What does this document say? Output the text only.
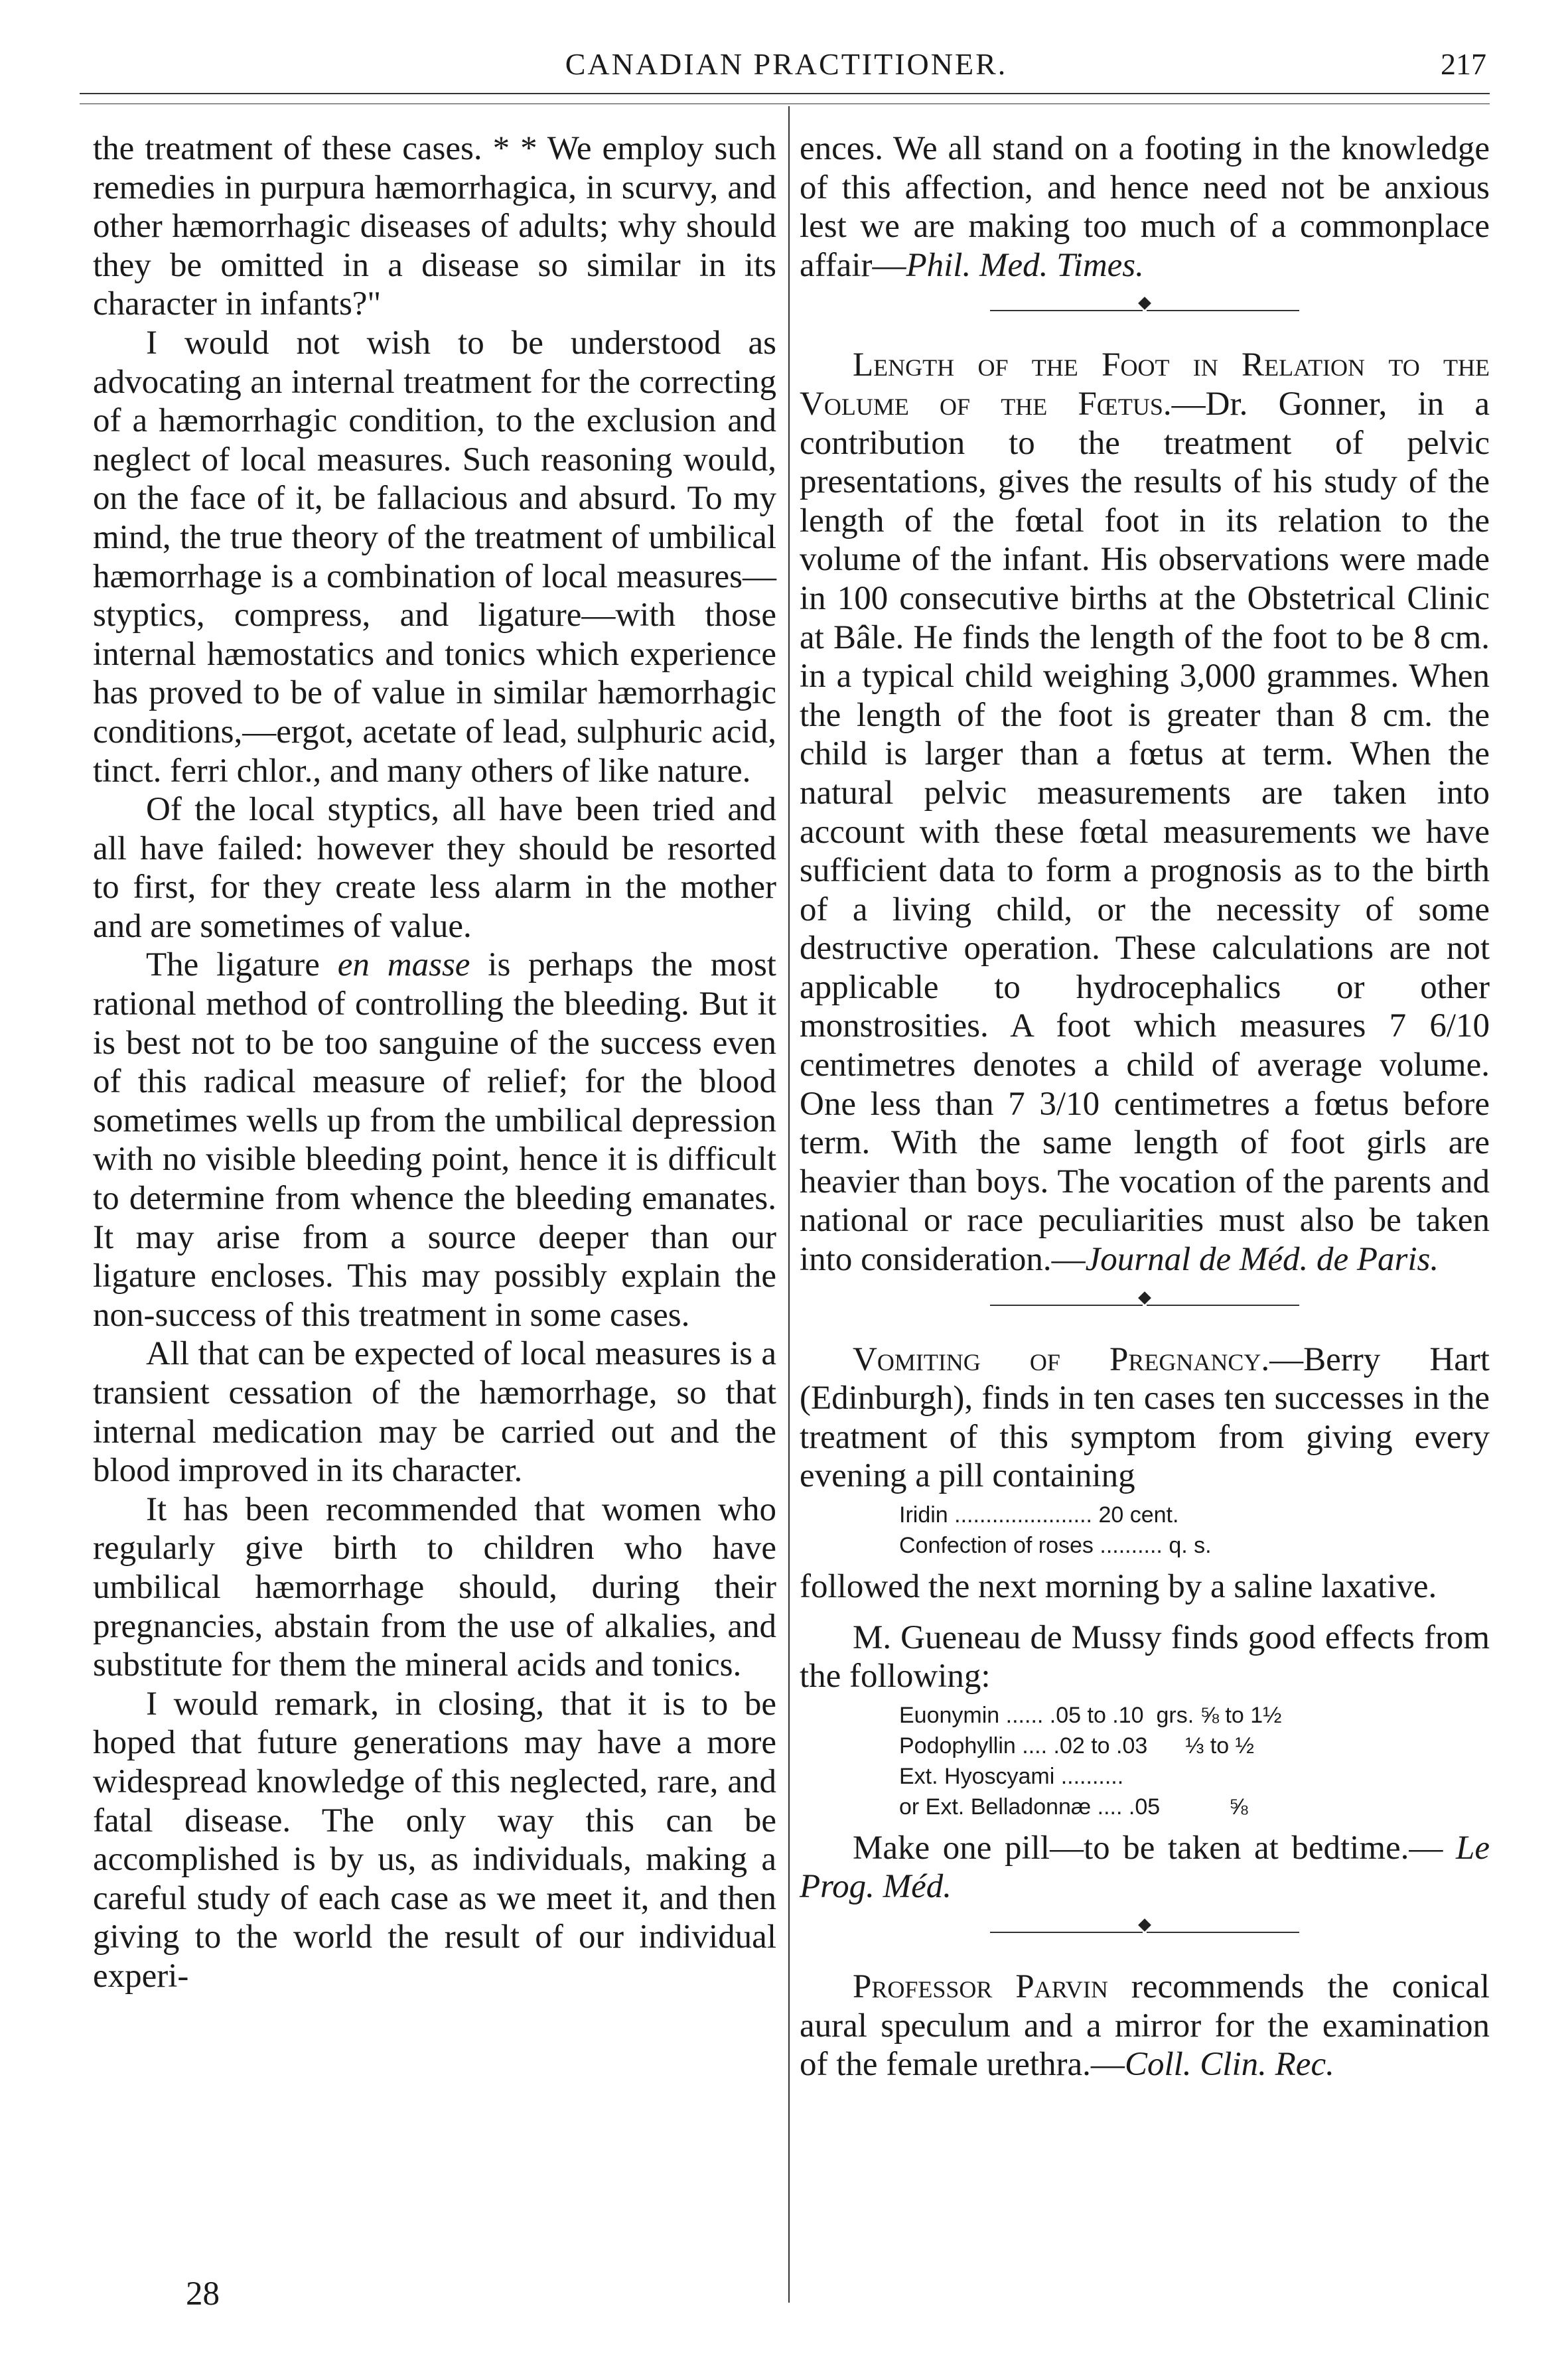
CANADIAN PRACTITIONER.	217

the treatment of these cases. * * We employ such remedies in purpura hæmorrhagica, in scurvy, and other hæmorrhagic diseases of adults; why should they be omitted in a disease so similar in its character in infants?"

I would not wish to be understood as advocating an internal treatment for the correcting of a hæmorrhagic condition, to the exclusion and neglect of local measures. Such reasoning would, on the face of it, be fallacious and absurd. To my mind, the true theory of the treatment of umbilical hæmorrhage is a combination of local measures—styptics, compress, and ligature—with those internal hæmostatics and tonics which experience has proved to be of value in similar hæmorrhagic conditions,—ergot, acetate of lead, sulphuric acid, tinct. ferri chlor., and many others of like nature.

Of the local styptics, all have been tried and all have failed: however they should be resorted to first, for they create less alarm in the mother and are sometimes of value.

The ligature en masse is perhaps the most rational method of controlling the bleeding. But it is best not to be too sanguine of the success even of this radical measure of relief; for the blood sometimes wells up from the umbilical depression with no visible bleeding point, hence it is difficult to determine from whence the bleeding emanates. It may arise from a source deeper than our ligature encloses. This may possibly explain the non-success of this treatment in some cases.

All that can be expected of local measures is a transient cessation of the hæmorrhage, so that internal medication may be carried out and the blood improved in its character.

It has been recommended that women who regularly give birth to children who have umbilical hæmorrhage should, during their pregnancies, abstain from the use of alkalies, and substitute for them the mineral acids and tonics.

I would remark, in closing, that it is to be hoped that future generations may have a more widespread knowledge of this neglected, rare, and fatal disease. The only way this can be accomplished is by us, as individuals, making a careful study of each case as we meet it, and then giving to the world the result of our individual experi-

28

ences. We all stand on a footing in the knowledge of this affection, and hence need not be anxious lest we are making too much of a commonplace affair—Phil. Med. Times.

Length of the Foot in Relation to the Volume of the Fœtus.—Dr. Gonner, in a contribution to the treatment of pelvic presentations, gives the results of his study of the length of the fœtal foot in its relation to the volume of the infant. His observations were made in 100 consecutive births at the Obstetrical Clinic at Bâle. He finds the length of the foot to be 8 cm. in a typical child weighing 3,000 grammes. When the length of the foot is greater than 8 cm. the child is larger than a fœtus at term. When the natural pelvic measurements are taken into account with these fœtal measurements we have sufficient data to form a prognosis as to the birth of a living child, or the necessity of some destructive operation. These calculations are not applicable to hydrocephalics or other monstrosities. A foot which measures 7 6/10 centimetres denotes a child of average volume. One less than 7 3/10 centimetres a fœtus before term. With the same length of foot girls are heavier than boys. The vocation of the parents and national or race peculiarities must also be taken into consideration.—Journal de Méd. de Paris.

Vomiting of Pregnancy.—Berry Hart (Edinburgh), finds in ten cases ten successes in the treatment of this symptom from giving every evening a pill containing

Iridin ...................... 20 cent.
Confection of roses .......... q. s.

followed the next morning by a saline laxative.

M. Gueneau de Mussy finds good effects from the following:

Euonymin ...... .05 to .10 grs. ⅝ to 1½
Podophyllin .... .02 to .03 ⅓ to ½
Ext. Hyoscyami ..........
or Ext. Belladonnæ .... .05	⅝

Make one pill—to be taken at bedtime.— Le Prog. Méd.

Professor Parvin recommends the conical aural speculum and a mirror for the examination of the female urethra.—Coll. Clin. Rec.
